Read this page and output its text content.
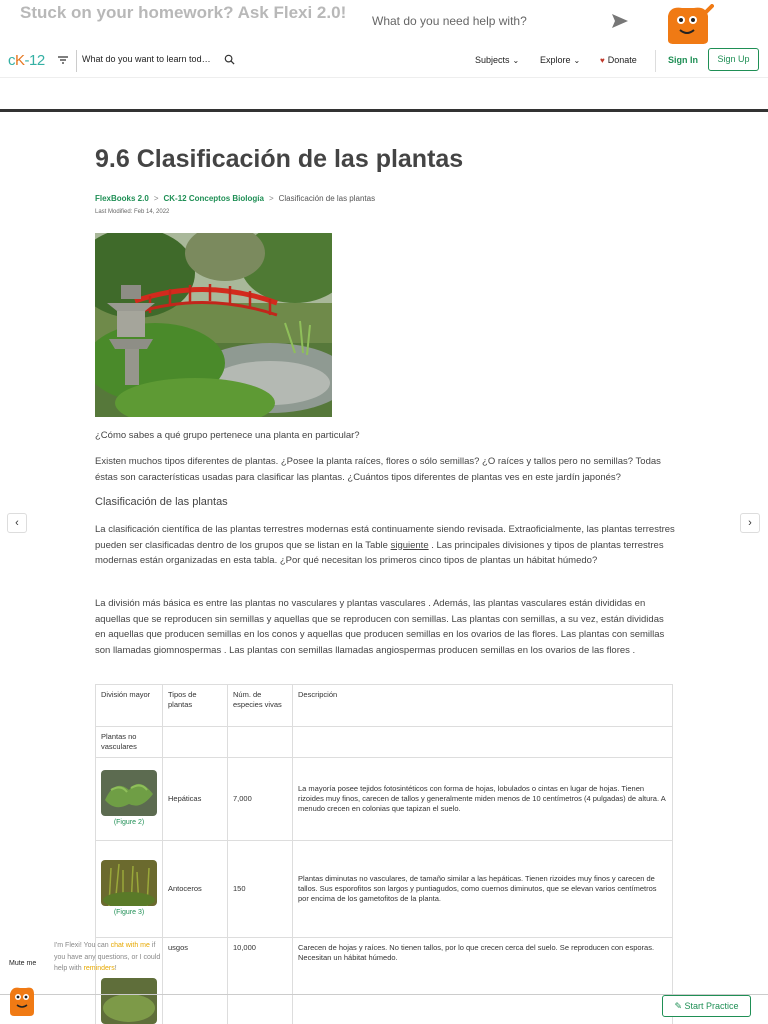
Stuck on your homework? Ask Flexi 2.0!	What do you need help with?
cK-12	What do you want to learn tod…	Subjects ⌄ Explore ⌄ ♥ Donate	Sign In	Sign Up
9.6 Clasificación de las plantas
FlexBooks 2.0 > CK-12 Conceptos Biología > Clasificación de las plantas
Last Modified: Feb 14, 2022
¿Cómo sabes a qué grupo pertenece una planta en particular?
Existen muchos tipos diferentes de plantas. ¿Posee la planta raíces, flores o sólo semillas? ¿O raíces y tallos pero no semillas? Todas éstas son características usadas para clasificar las plantas. ¿Cuántos tipos diferentes de plantas ves en este jardín japonés?
Clasificación de las plantas
La clasificación científica de las plantas terrestres modernas está continuamente siendo revisada. Extraoficialmente, las plantas terrestres pueden ser clasificadas dentro de los grupos que se listan en la Table siguiente . Las principales divisiones y tipos de plantas terrestres modernas están organizadas en esta tabla. ¿Por qué necesitan los primeros cinco tipos de plantas un hábitat húmedo?
La división más básica es entre las plantas no vasculares y plantas vasculares . Además, las plantas vasculares están divididas en aquellas que se reproducen sin semillas y aquellas que se reproducen con semillas. Las plantas con semillas, a su vez, están divididas en aquellas que producen semillas en los conos y aquellas que producen semillas en los ovarios de las flores. Las plantas con semillas son llamadas giomnospermas . Las plantas con semillas llamadas angiospermas producen semillas en los ovarios de las flores .
‹	›
División mayor	Tipos de plantas	Núm. de especies vivas	Descripción
Plantas no vasculares			

(Figure 2)	Hepáticas	7,000	La mayoría posee tejidos fotosintéticos con forma de hojas, lobulados o cintas en lugar de hojas. Tienen rizoides muy finos, carecen de tallos y generalmente miden menos de 10 centímetros (4 pulgadas) de altura. A menudo crecen en colonias que tapizan el suelo.

(Figure 3)	Antoceros	150	Plantas diminutas no vasculares, de tamaño similar a las hepáticas. Tienen rizoides muy finos y carecen de tallos. Sus esporofitos son largos y puntiagudos, como cuernos diminutos, que se elevan varios centímetros por encima de los gametofitos de la planta.

	usgos	10,000	Carecen de hojas y raíces. No tienen tallos, por lo que crecen cerca del suelo. Se reproducen con esporas. Necesitan un hábitat húmedo.
I'm Flexi! You can chat with me if you have any questions, or I could help with reminders!
Mute me
✎ Start Practice
